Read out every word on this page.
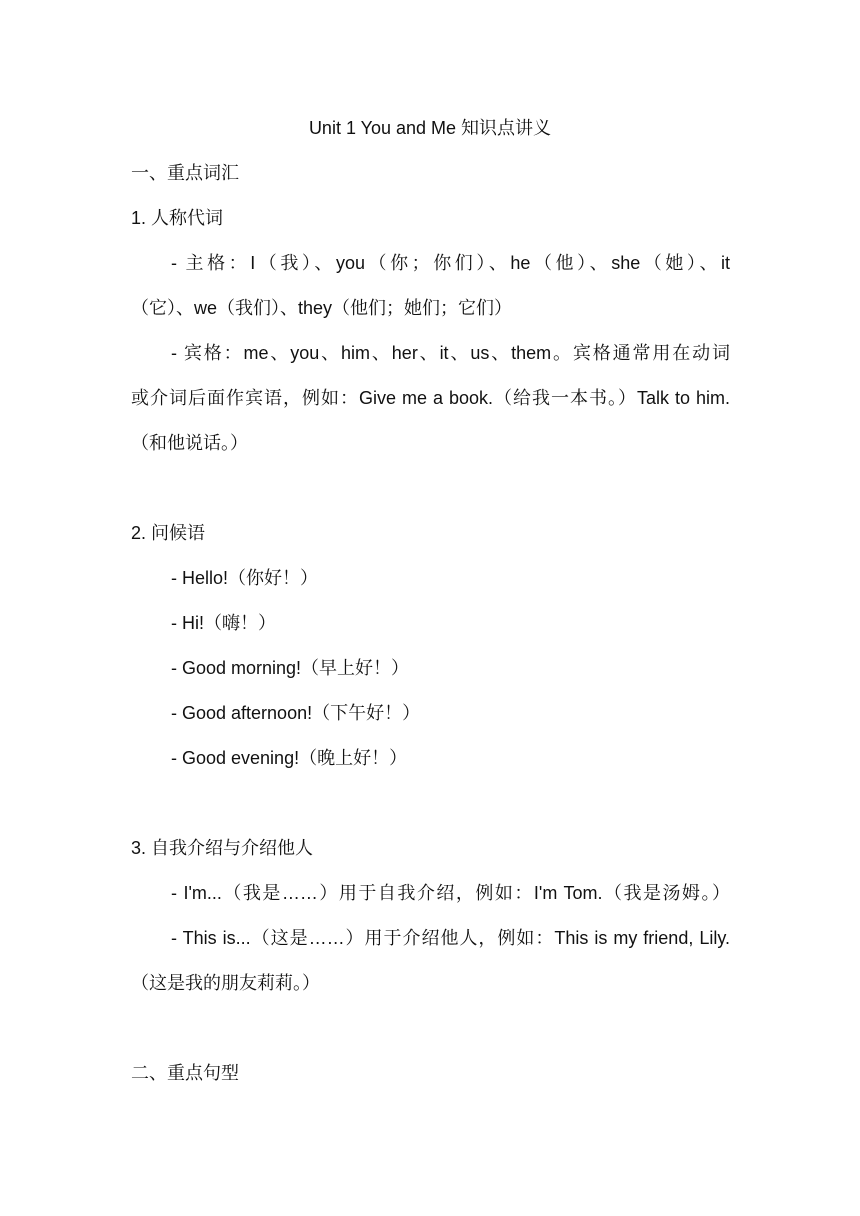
Unit 1 You and Me 知识点讲义
一、重点词汇
1. 人称代词
- 主格：I（我）、you（你；你们）、he（他）、she（她）、it
（它）、we（我们）、they（他们；她们；它们）
- 宾格：me、you、him、her、it、us、them。宾格通常用在动词
或介词后面作宾语，例如：Give me a book.（给我一本书。）Talk to him.
（和他说话。）
2. 问候语
- Hello!（你好！）
- Hi!（嗨！）
- Good morning!（早上好！）
- Good afternoon!（下午好！）
- Good evening!（晚上好！）
3. 自我介绍与介绍他人
- I'm...（我是……）用于自我介绍，例如：I'm Tom.（我是汤姆。）
- This is...（这是……）用于介绍他人，例如：This is my friend, Lily.
（这是我的朋友莉莉。）
二、重点句型
